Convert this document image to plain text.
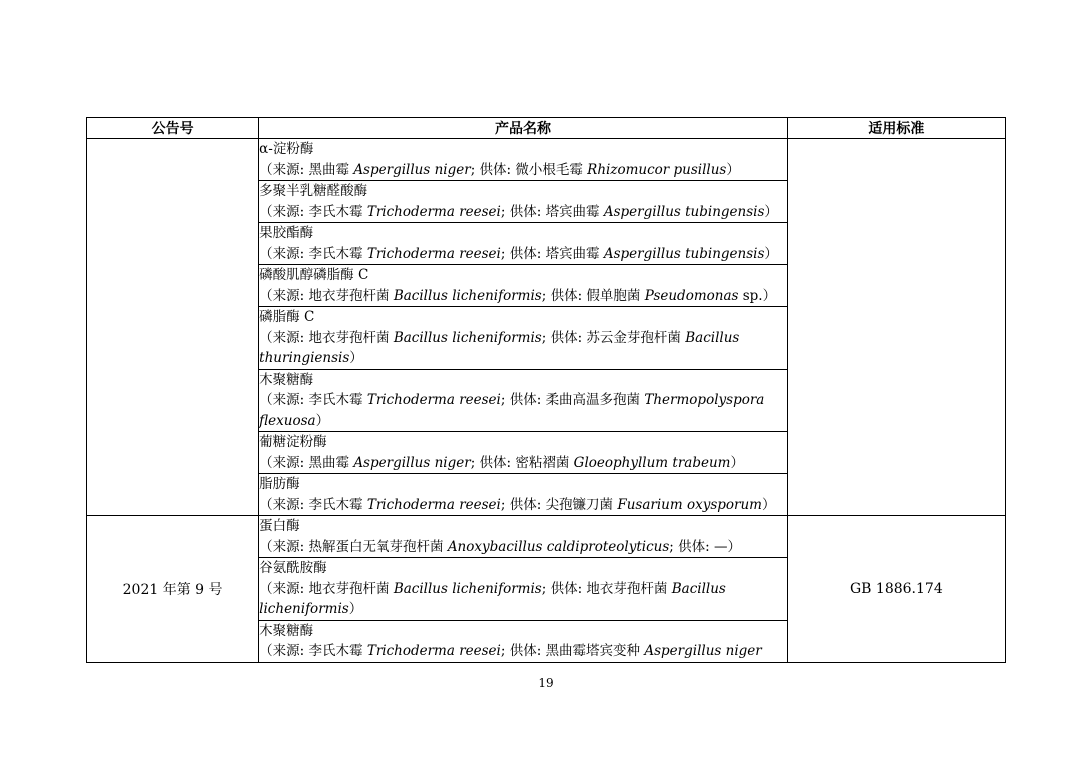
公告号	产品名称	适用标准

	α-淀粉酶
（来源: 黑曲霉 Aspergillus niger; 供体: 微小根毛霉 Rhizomucor pusillus）	

	多聚半乳糖醛酸酶
（来源: 李氏木霉 Trichoderma reesei; 供体: 塔宾曲霉 Aspergillus tubingensis）	

	果胶酯酶
（来源: 李氏木霉 Trichoderma reesei; 供体: 塔宾曲霉 Aspergillus tubingensis）	

	磷酸肌醇磷脂酶 C
（来源: 地衣芽孢杆菌 Bacillus licheniformis; 供体: 假单胞菌 Pseudomonas sp.）	

	磷脂酶 C
（来源: 地衣芽孢杆菌 Bacillus licheniformis; 供体: 苏云金芽孢杆菌 Bacillus thuringiensis）	

	木聚糖酶
（来源: 李氏木霉 Trichoderma reesei; 供体: 柔曲高温多孢菌 Thermopolyspora flexuosa）	

	葡糖淀粉酶
（来源: 黑曲霉 Aspergillus niger; 供体: 密粘褶菌 Gloeophyllum trabeum）	

	脂肪酶
（来源: 李氏木霉 Trichoderma reesei; 供体: 尖孢镰刀菌 Fusarium oxysporum）	

2021 年第 9 号	蛋白酶
（来源: 热解蛋白无氧芽孢杆菌 Anoxybacillus caldiproteolyticus; 供体: —）	GB 1886.174

	谷氨酰胺酶
（来源: 地衣芽孢杆菌 Bacillus licheniformis; 供体: 地衣芽孢杆菌 Bacillus licheniformis）	

	木聚糖酶
（来源: 李氏木霉 Trichoderma reesei; 供体: 黑曲霉塔宾变种 Aspergillus niger	
19
